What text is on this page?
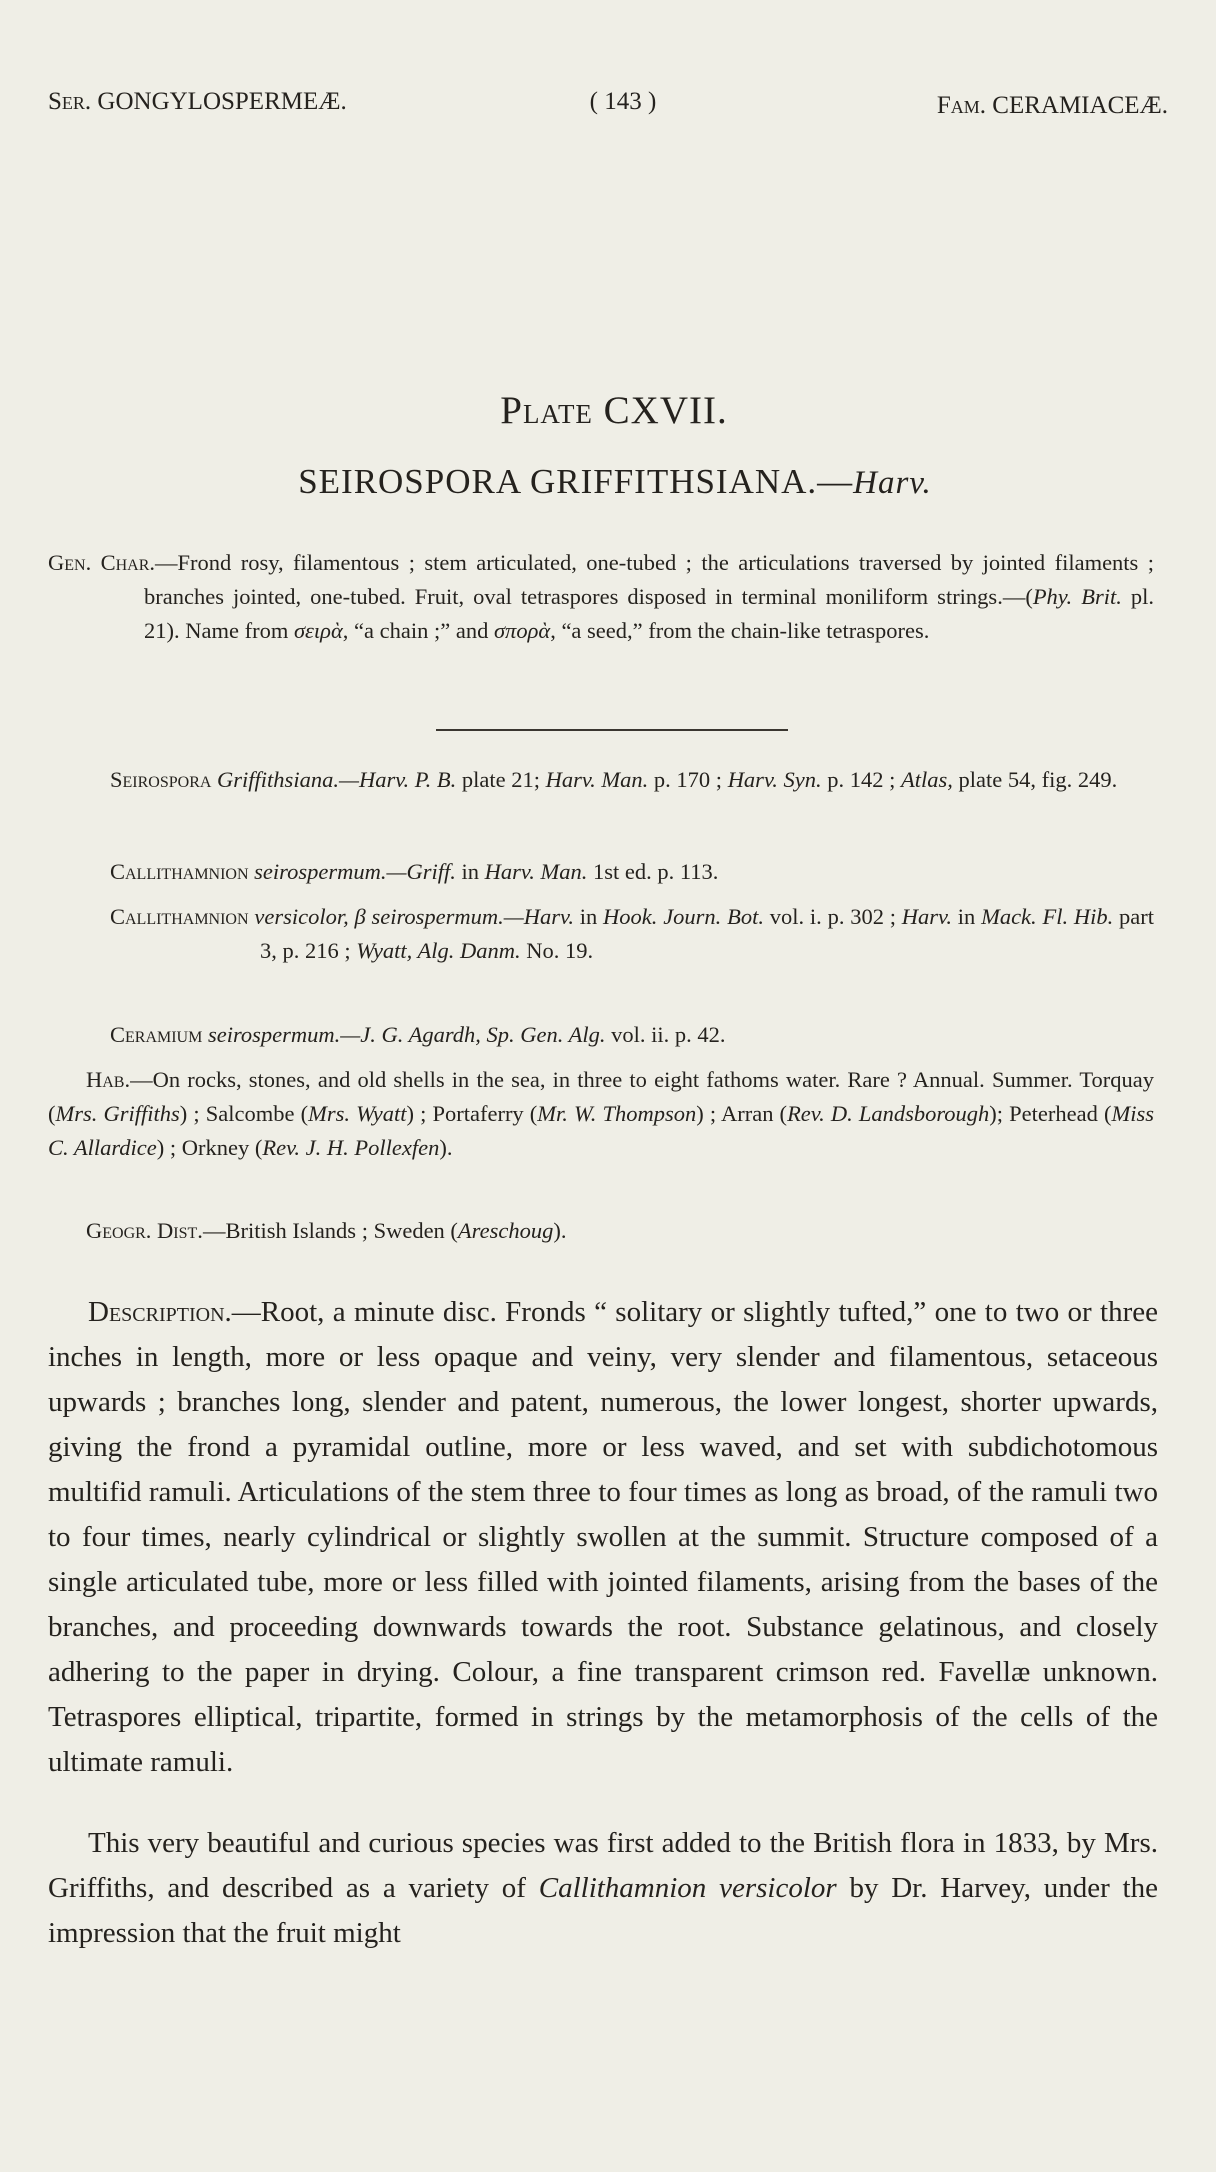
Ser. GONGYLOSPERMEÆ.	( 143 )	Fam. CERAMIACEÆ.
Plate CXVII.
SEIROSPORA GRIFFITHSIANA.—Harv.
Gen. Char.—Frond rosy, filamentous ; stem articulated, one-tubed ; the articulations traversed by jointed filaments ; branches jointed, one-tubed. Fruit, oval tetraspores disposed in terminal moniliform strings.—(Phy. Brit. pl. 21). Name from σειρὰ, “a chain ;” and σπορὰ, “a seed,” from the chain-like tetraspores.
Seirospora Griffithsiana.—Harv. P. B. plate 21; Harv. Man. p. 170 ; Harv. Syn. p. 142 ; Atlas, plate 54, fig. 249.
Callithamnion seirospermum.—Griff. in Harv. Man. 1st ed. p. 113.
Callithamnion versicolor, β seirospermum.—Harv. in Hook. Journ. Bot. vol. i. p. 302 ; Harv. in Mack. Fl. Hib. part 3, p. 216 ; Wyatt, Alg. Danm. No. 19.
Ceramium seirospermum.—J. G. Agardh, Sp. Gen. Alg. vol. ii. p. 42.
Hab.—On rocks, stones, and old shells in the sea, in three to eight fathoms water. Rare ? Annual. Summer. Torquay (Mrs. Griffiths) ; Salcombe (Mrs. Wyatt) ; Portaferry (Mr. W. Thompson) ; Arran (Rev. D. Landsborough); Peterhead (Miss C. Allardice) ; Orkney (Rev. J. H. Pollexfen).
Geogr. Dist.—British Islands ; Sweden (Areschoug).

Description.—Root, a minute disc. Fronds “ solitary or slightly tufted,” one to two or three inches in length, more or less opaque and veiny, very slender and filamentous, setaceous upwards ; branches long, slender and patent, numerous, the lower longest, shorter upwards, giving the frond a pyramidal outline, more or less waved, and set with subdichotomous multifid ramuli. Articulations of the stem three to four times as long as broad, of the ramuli two to four times, nearly cylindrical or slightly swollen at the summit. Structure composed of a single articulated tube, more or less filled with jointed filaments, arising from the bases of the branches, and proceeding downwards towards the root. Substance gelatinous, and closely adhering to the paper in drying. Colour, a fine transparent crimson red. Favellæ unknown. Tetraspores elliptical, tripartite, formed in strings by the metamorphosis of the cells of the ultimate ramuli.

This very beautiful and curious species was first added to the British flora in 1833, by Mrs. Griffiths, and described as a variety of Callithamnion versicolor by Dr. Harvey, under the impression that the fruit might
